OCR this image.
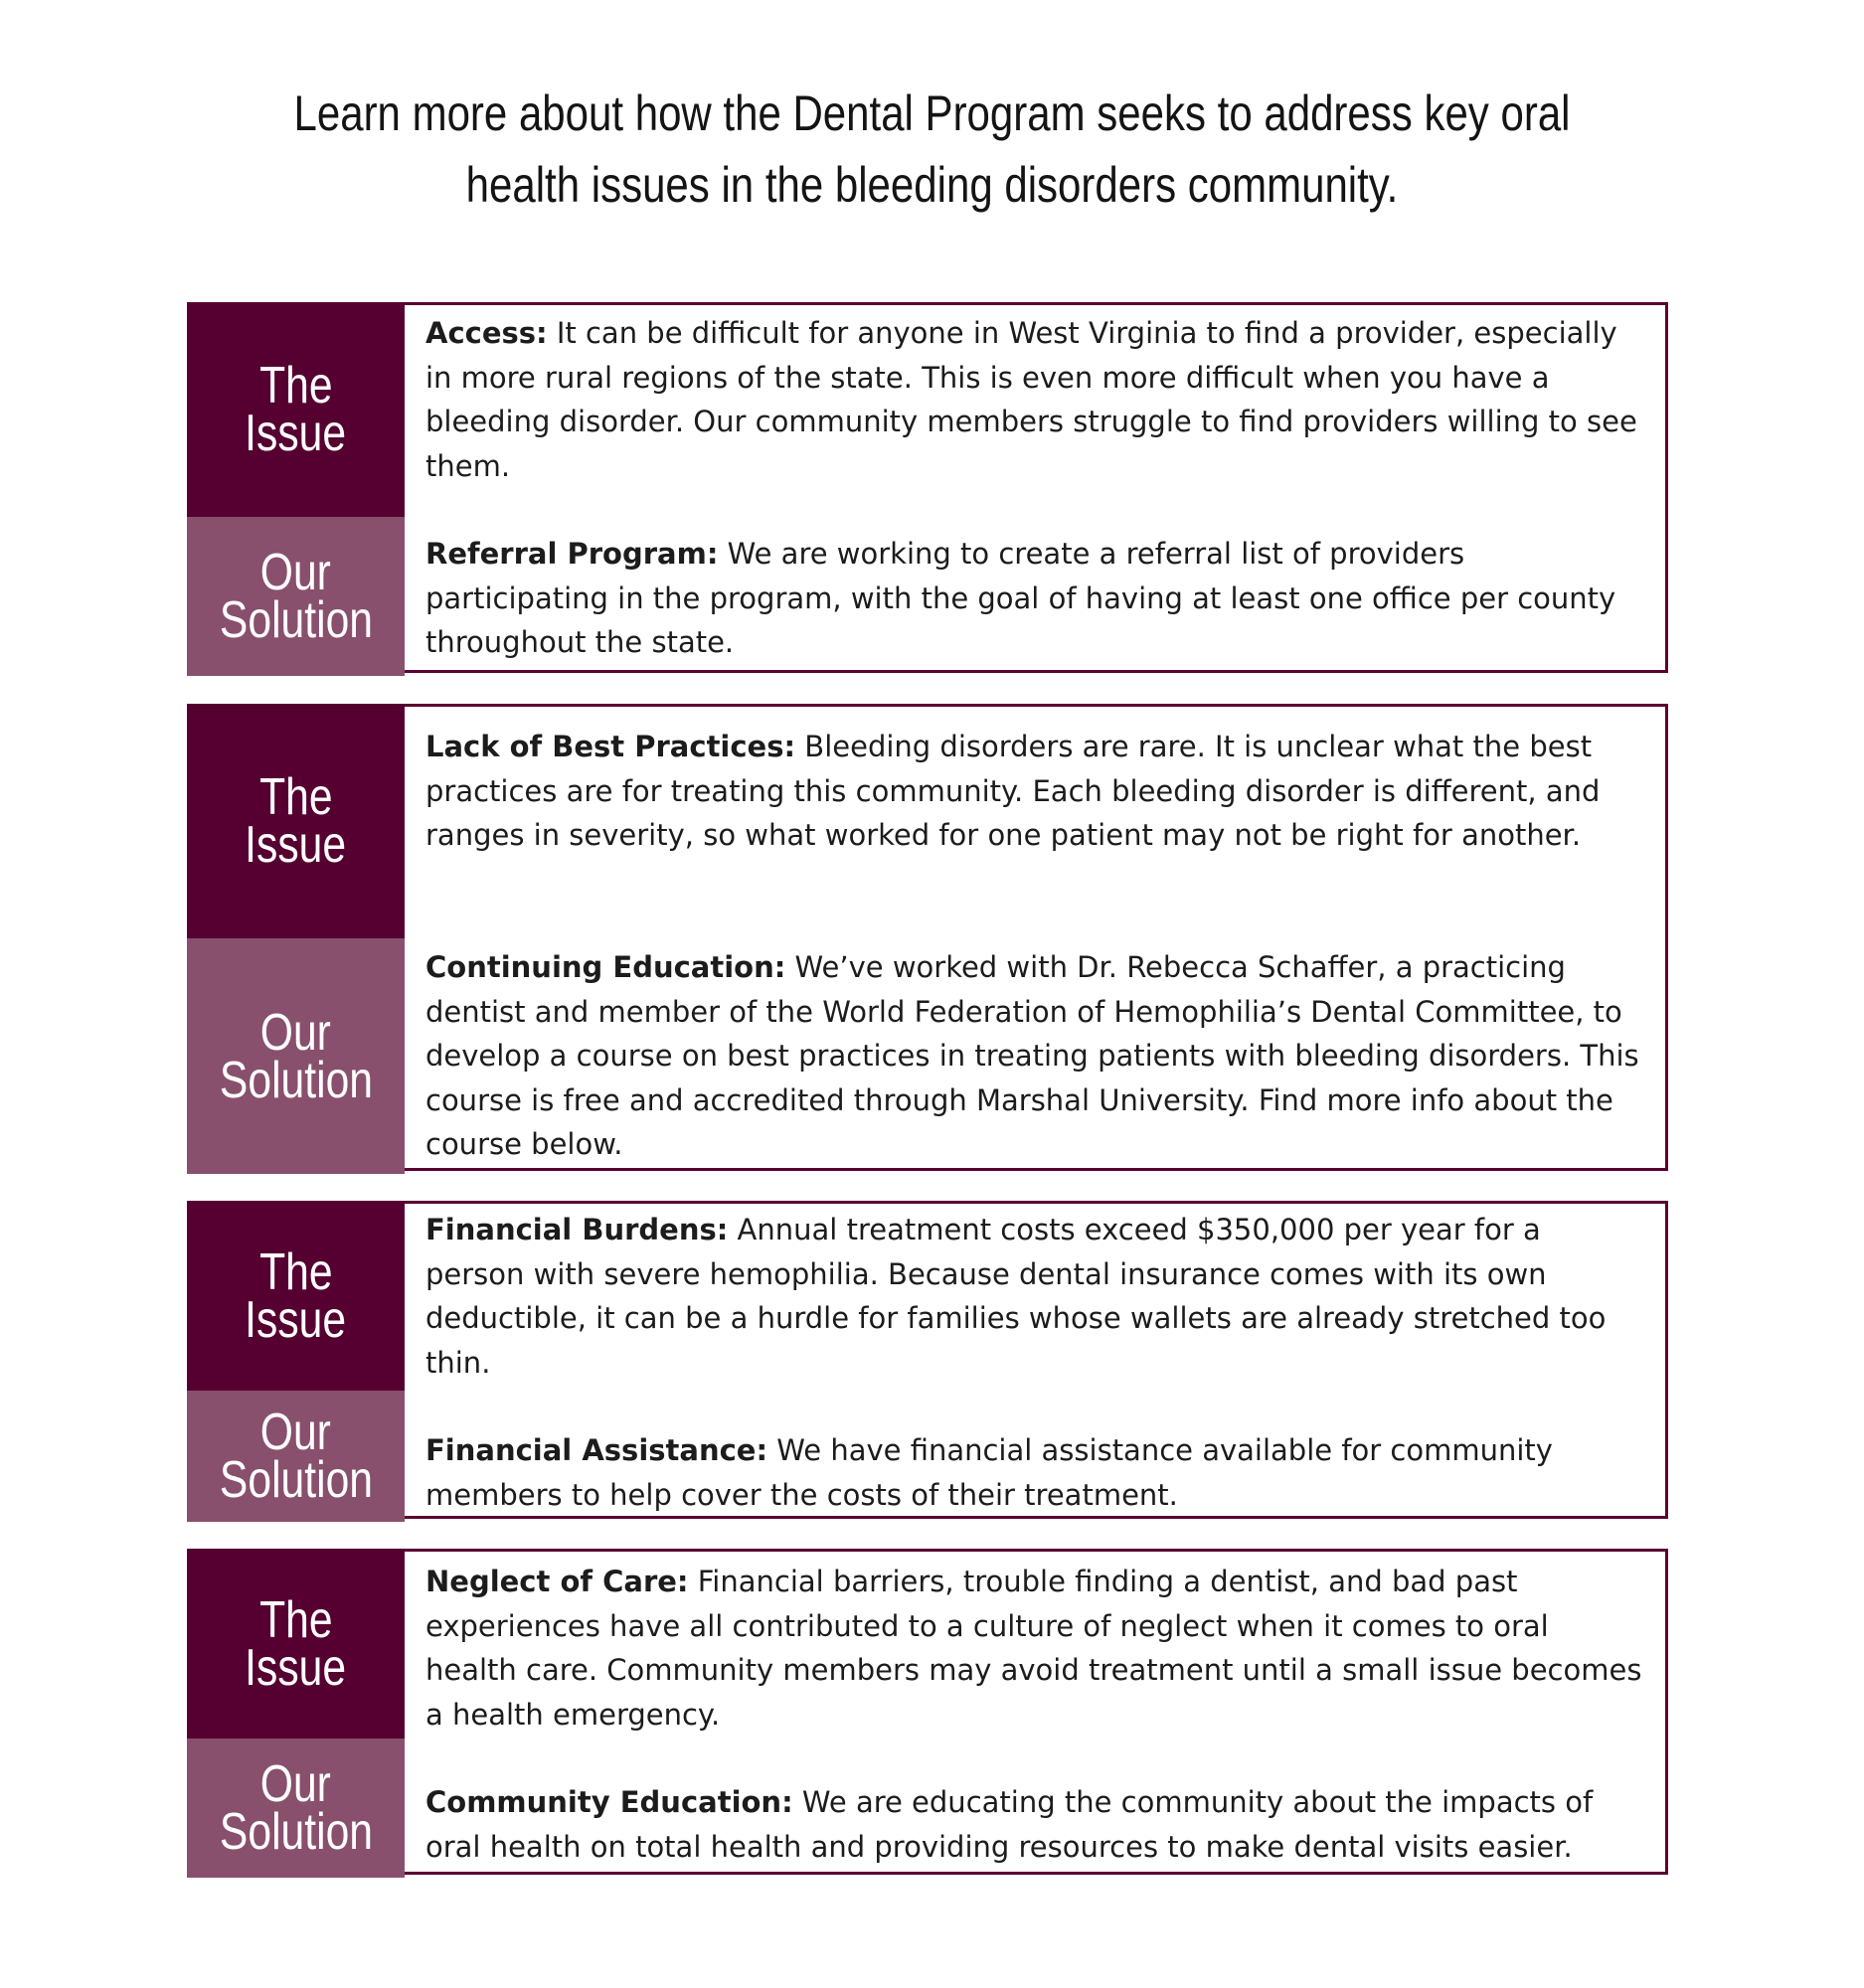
Learn more about how the Dental Program seeks to address key oral
health issues in the bleeding disorders community.
The
Issue
Our
Solution

Access: It can be difficult for anyone in West Virginia to find a provider, especially in more rural regions of the state. This is even more difficult when you have a bleeding disorder. Our community members struggle to find providers willing to see them.

Referral Program: We are working to create a referral list of providers participating in the program, with the goal of having at least one office per county throughout the state.

The
Issue
Our
Solution

Lack of Best Practices: Bleeding disorders are rare. It is unclear what the best practices are for treating this community. Each bleeding disorder is different, and ranges in severity, so what worked for one patient may not be right for another.

Continuing Education: We’ve worked with Dr. Rebecca Schaffer, a practicing dentist and member of the World Federation of Hemophilia’s Dental Committee, to develop a course on best practices in treating patients with bleeding disorders. This course is free and accredited through Marshal University. Find more info about the course below.

The
Issue
Our
Solution

Financial Burdens: Annual treatment costs exceed $350,000 per year for a person with severe hemophilia. Because dental insurance comes with its own deductible, it can be a hurdle for families whose wallets are already stretched too thin.

Financial Assistance: We have financial assistance available for community members to help cover the costs of their treatment.

The
Issue
Our
Solution

Neglect of Care: Financial barriers, trouble finding a dentist, and bad past experiences have all contributed to a culture of neglect when it comes to oral health care. Community members may avoid treatment until a small issue becomes a health emergency.

Community Education: We are educating the community about the impacts of oral health on total health and providing resources to make dental visits easier.
